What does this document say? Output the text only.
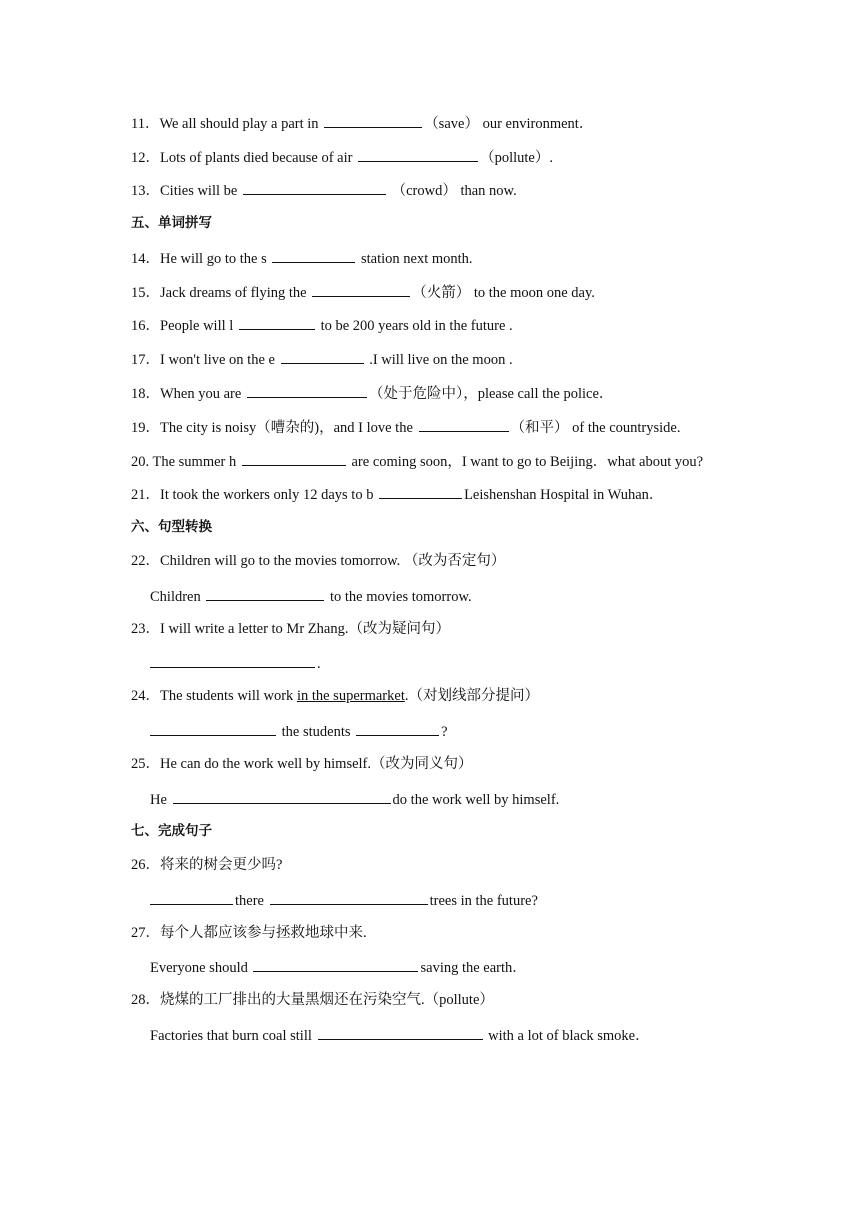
11．We all should play a part in	（save） our environment．
12．Lots of plants died because of air	（pollute）.
13．Cities will be	（crowd） than now.
五、单词拼写
14．He will go to the s	station next month.
15．Jack dreams of flying the	（火箭） to the moon one day.
16．People will l	to be 200 years old in the future .
17．I won't live on the e	.I will live on the moon .
18．When you are	（处于危险中），please call the police．
19．The city is noisy（嘈杂的)，and I love the	（和平） of the countryside.
20. The summer h	are coming soon，I want to go to Beijing．what about you?
21．It took the workers only 12 days to b	Leishenshan Hospital in Wuhan．
六、句型转换
22．Children will go to the movies tomorrow. （改为否定句）
Children	to the movies tomorrow.
23．I will write a letter to Mr Zhang.（改为疑问句）
.
24．The students will work in the supermarket.（对划线部分提问）
the students	?
25．He can do the work well by himself.（改为同义句）
He	do the work well by himself.
七、完成句子
26．将来的树会更少吗?
there	trees in the future?
27．每个人都应该参与拯救地球中来.
Everyone should	saving the earth．
28．烧煤的工厂排出的大量黑烟还在污染空气.（pollute）
Factories that burn coal still	with a lot of black smoke．
